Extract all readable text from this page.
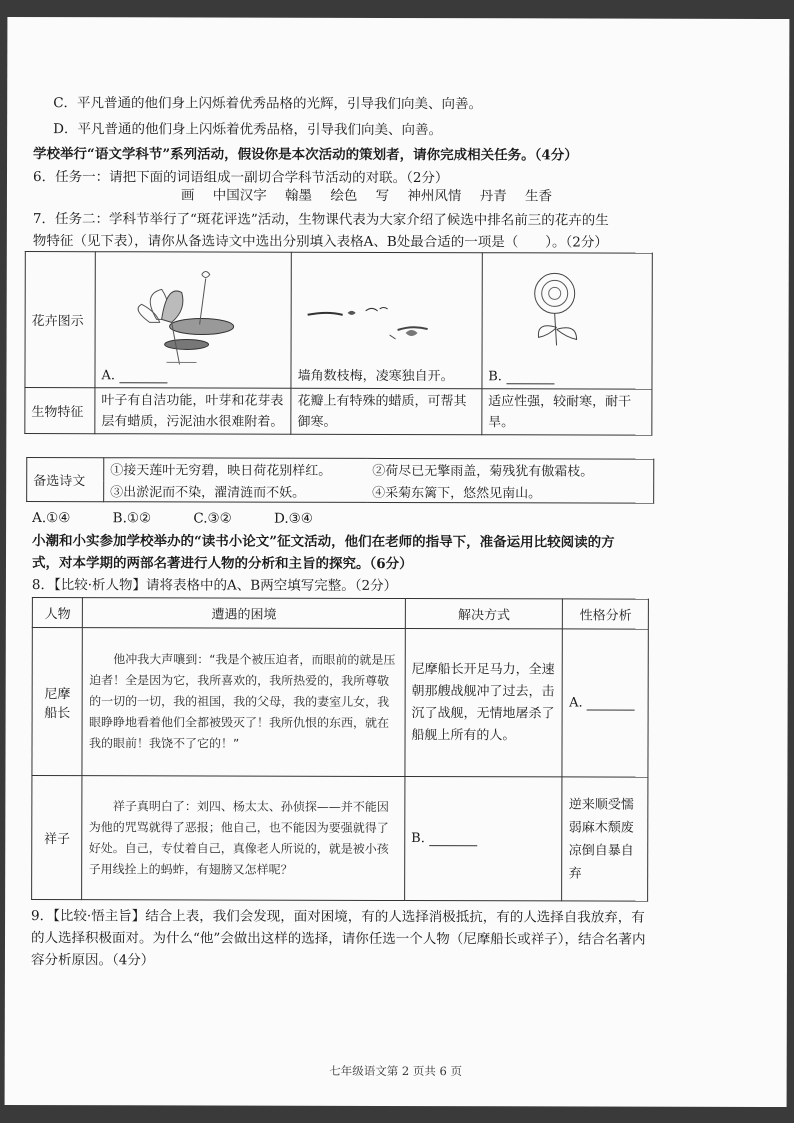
C．平凡普通的他们身上闪烁着优秀品格的光辉，引导我们向美、向善。
D．平凡普通的他们身上闪烁着优秀品格，引导我们向美、向善。
学校举行“语文学科节”系列活动，假设你是本次活动的策划者，请你完成相关任务。（4分）
6．任务一：请把下面的词语组成一副切合学科节活动的对联。（2分）
画 中国汉字 翰墨 绘色 写 神州风情 丹青 生香
7．任务二：学科节举行了“斑花评选”活动，生物课代表为大家介绍了候选中排名前三的花卉的生
物特征（见下表），请你从备选诗文中选出分别填入表格A、B处最合适的一项是（　　）。（2分）
花卉图示	A.	墙角数枝梅，凌寒独自开。	B.
生物特征	叶子有自洁功能，叶芽和花芽表层有蜡质，污泥油水很难附着。	花瓣上有特殊的蜡质，可帮其御寒。	适应性强，较耐寒，耐干旱。
备选诗文	①接天莲叶无穷碧，映日荷花别样红。	②荷尽已无擎雨盖，菊残犹有傲霜枝。
	③出淤泥而不染，濯清涟而不妖。	④采菊东篱下，悠然见南山。
A.①④	B.①②	C.③②	D.③④
小潮和小实参加学校举办的“读书小论文”征文活动，他们在老师的指导下，准备运用比较阅读的方
式，对本学期的两部名著进行人物的分析和主旨的探究。（6分）
8．【比较·析人物】请将表格中的A、B两空填写完整。（2分）
人物	遭遇的困境	解决方式	性格分析
尼摩船长	他冲我大声嚷到：“我是个被压迫者，而眼前的就是压迫者！全是因为它，我所喜欢的，我所热爱的，我所尊敬的一切的一切，我的祖国，我的父母，我的妻室儿女，我眼睁睁地看着他们全都被毁灭了！我所仇恨的东西，就在我的眼前！我饶不了它的！”	尼摩船长开足马力，全速朝那艘战舰冲了过去，击沉了战舰，无情地屠杀了船舰上所有的人。	A.
祥子	祥子真明白了：刘四、杨太太、孙侦探——并不能因为他的咒骂就得了恶报；他自己，也不能因为要强就得了好处。自己，专仗着自己，真像老人所说的，就是被小孩子用线拴上的蚂蚱，有翅膀又怎样呢？	B.	逆来顺受懦弱麻木颓废凉倒自暴自弃
9．【比较·悟主旨】结合上表，我们会发现，面对困境，有的人选择消极抵抗，有的人选择自我放弃，有的人选择积极面对。为什么“他”会做出这样的选择，请你任选一个人物（尼摩船长或祥子），结合名著内容分析原因。（4分）
七年级语文第 2 页共 6 页
